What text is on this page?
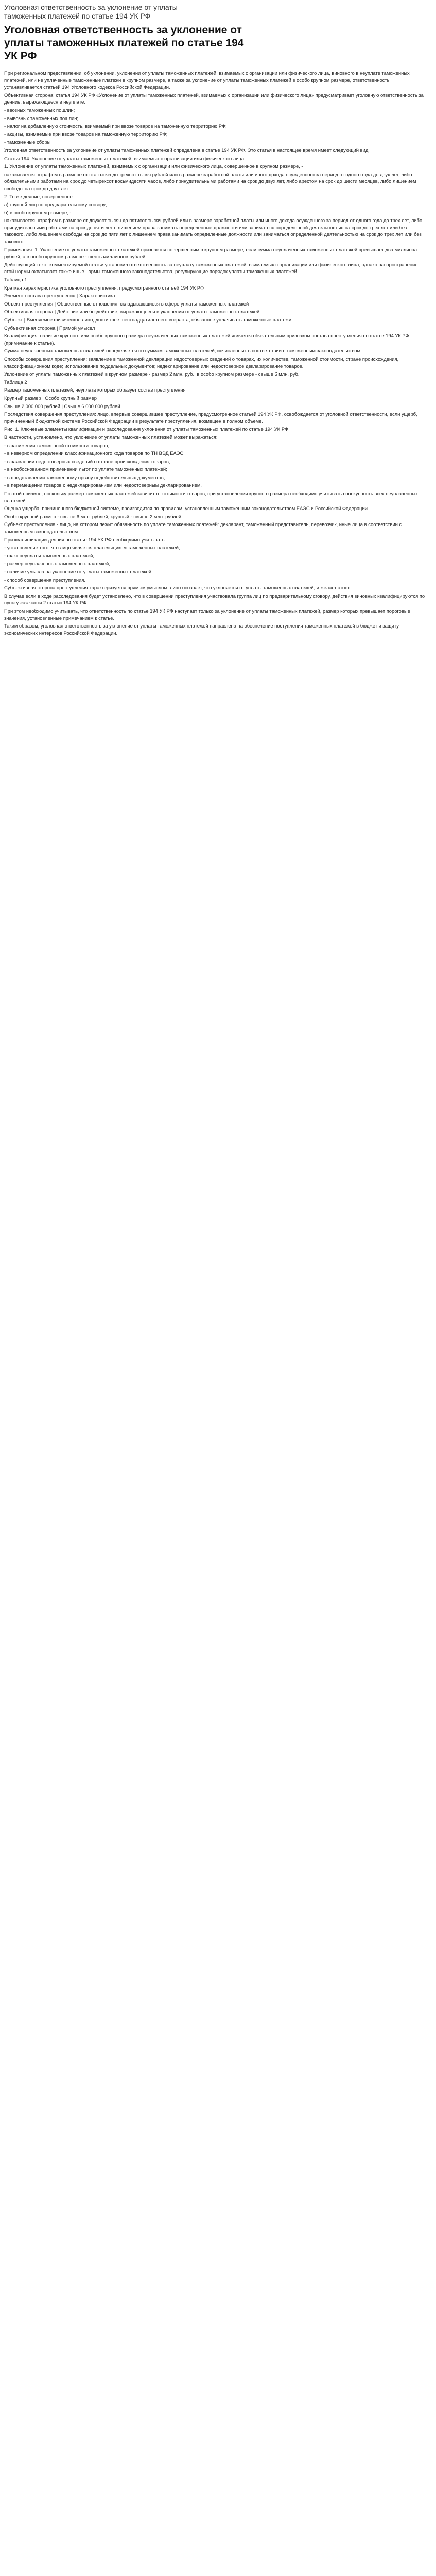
Уголовная ответственность за уклонение от уплаты таможенных платежей по статье 194 УК РФ
Уголовная ответственность за уклонение от уплаты таможенных платежей по статье 194 УК РФ

При региональном представлении, об уклонении, уклонении от уплаты таможенных платежей, взимаемых с организации или физического лица, виновного в неуплате таможенных платежей, или не уплаченные таможенные платежи в крупном размере, а также за уклонение от уплаты таможенных платежей в особо крупном размере, ответственность устанавливается статьей 194 Уголовного кодекса Российской Федерации.

Объективная сторона: статья 194 УК РФ «Уклонение от уплаты таможенных платежей, взимаемых с организации или физического лица» предусматривает уголовную ответственность за деяние, выражающееся в неуплате:

- ввозных таможенных пошлин;

- вывозных таможенных пошлин;

- налог на добавленную стоимость, взимаемый при ввозе товаров на таможенную территорию РФ;

- акцизы, взимаемые при ввозе товаров на таможенную территорию РФ;

- таможенные сборы.

Уголовная ответственность за уклонение от уплаты таможенных платежей определена в статье 194 УК РФ. Это статья в настоящее время имеет следующий вид:

Статья 194. Уклонение от уплаты таможенных платежей, взимаемых с организации или физического лица

1. Уклонение от уплаты таможенных платежей, взимаемых с организации или физического лица, совершенное в крупном размере, -

наказывается штрафом в размере от ста тысяч до трехсот тысяч рублей или в размере заработной платы или иного дохода осужденного за период от одного года до двух лет, либо обязательными работами на срок до четырехсот восьмидесяти часов, либо принудительными работами на срок до двух лет, либо арестом на срок до шести месяцев, либо лишением свободы на срок до двух лет.

2. То же деяние, совершенное:

а) группой лиц по предварительному сговору;

б) в особо крупном размере, -

наказывается штрафом в размере от двухсот тысяч до пятисот тысяч рублей или в размере заработной платы или иного дохода осужденного за период от одного года до трех лет, либо принудительными работами на срок до пяти лет с лишением права занимать определенные должности или заниматься определенной деятельностью на срок до трех лет или без такового, либо лишением свободы на срок до пяти лет с лишением права занимать определенные должности или заниматься определенной деятельностью на срок до трех лет или без такового.

Примечания. 1. Уклонение от уплаты таможенных платежей признается совершенным в крупном размере, если сумма неуплаченных таможенных платежей превышает два миллиона рублей, а в особо крупном размере - шесть миллионов рублей.

Действующий текст комментируемой статьи установил ответственность за неуплату таможенных платежей, взимаемых с организации или физического лица, однако распространение этой нормы охватывает также иные нормы таможенного законодательства, регулирующие порядок уплаты таможенных платежей.

Таблица 1

Краткая характеристика уголовного преступления, предусмотренного статьей 194 УК РФ

Элемент состава преступления | Характеристика

Объект преступления | Общественные отношения, складывающиеся в сфере уплаты таможенных платежей

Объективная сторона | Действие или бездействие, выражающееся в уклонении от уплаты таможенных платежей

Субъект | Вменяемое физическое лицо, достигшее шестнадцатилетнего возраста, обязанное уплачивать таможенные платежи

Субъективная сторона | Прямой умысел

Квалификация: наличие крупного или особо крупного размера неуплаченных таможенных платежей является обязательным признаком состава преступления по статье 194 УК РФ (примечание к статье).

Сумма неуплаченных таможенных платежей определяется по суммам таможенных платежей, исчисленных в соответствии с таможенным законодательством.

Способы совершения преступления: заявление в таможенной декларации недостоверных сведений о товарах, их количестве, таможенной стоимости, стране происхождения, классификационном коде; использование поддельных документов; недекларирование или недостоверное декларирование товаров.

Уклонение от уплаты таможенных платежей в крупном размере - размер 2 млн. руб.; в особо крупном размере - свыше 6 млн. руб.

Таблица 2

Размер таможенных платежей, неуплата которых образует состав преступления

Крупный размер | Особо крупный размер

Свыше 2 000 000 рублей | Свыше 6 000 000 рублей

Последствия совершения преступления: лицо, впервые совершившее преступление, предусмотренное статьей 194 УК РФ, освобождается от уголовной ответственности, если ущерб, причиненный бюджетной системе Российской Федерации в результате преступления, возмещен в полном объеме.

Рис. 1. Ключевые элементы квалификации и расследования уклонения от уплаты таможенных платежей по статье 194 УК РФ

В частности, установлено, что уклонение от уплаты таможенных платежей может выражаться:

- в занижении таможенной стоимости товаров;

- в неверном определении классификационного кода товаров по ТН ВЭД ЕАЭС;

- в заявлении недостоверных сведений о стране происхождения товаров;

- в необоснованном применении льгот по уплате таможенных платежей;

- в представлении таможенному органу недействительных документов;

- в перемещении товаров с недекларированием или недостоверным декларированием.

По этой причине, поскольку размер таможенных платежей зависит от стоимости товаров, при установлении крупного размера необходимо учитывать совокупность всех неуплаченных платежей.

Оценка ущерба, причиненного бюджетной системе, производится по правилам, установленным таможенным законодательством ЕАЭС и Российской Федерации.

Особо крупный размер - свыше 6 млн. рублей; крупный - свыше 2 млн. рублей.

Субъект преступления - лицо, на котором лежит обязанность по уплате таможенных платежей: декларант, таможенный представитель, перевозчик, иные лица в соответствии с таможенным законодательством.

При квалификации деяния по статье 194 УК РФ необходимо учитывать:

- установление того, что лицо является плательщиком таможенных платежей;

- факт неуплаты таможенных платежей;

- размер неуплаченных таможенных платежей;

- наличие умысла на уклонение от уплаты таможенных платежей;

- способ совершения преступления.

Субъективная сторона преступления характеризуется прямым умыслом: лицо осознает, что уклоняется от уплаты таможенных платежей, и желает этого.

В случае если в ходе расследования будет установлено, что в совершении преступления участвовала группа лиц по предварительному сговору, действия виновных квалифицируются по пункту «а» части 2 статьи 194 УК РФ.

При этом необходимо учитывать, что ответственность по статье 194 УК РФ наступает только за уклонение от уплаты таможенных платежей, размер которых превышает пороговые значения, установленные примечанием к статье.

Таким образом, уголовная ответственность за уклонение от уплаты таможенных платежей направлена на обеспечение поступления таможенных платежей в бюджет и защиту экономических интересов Российской Федерации.
